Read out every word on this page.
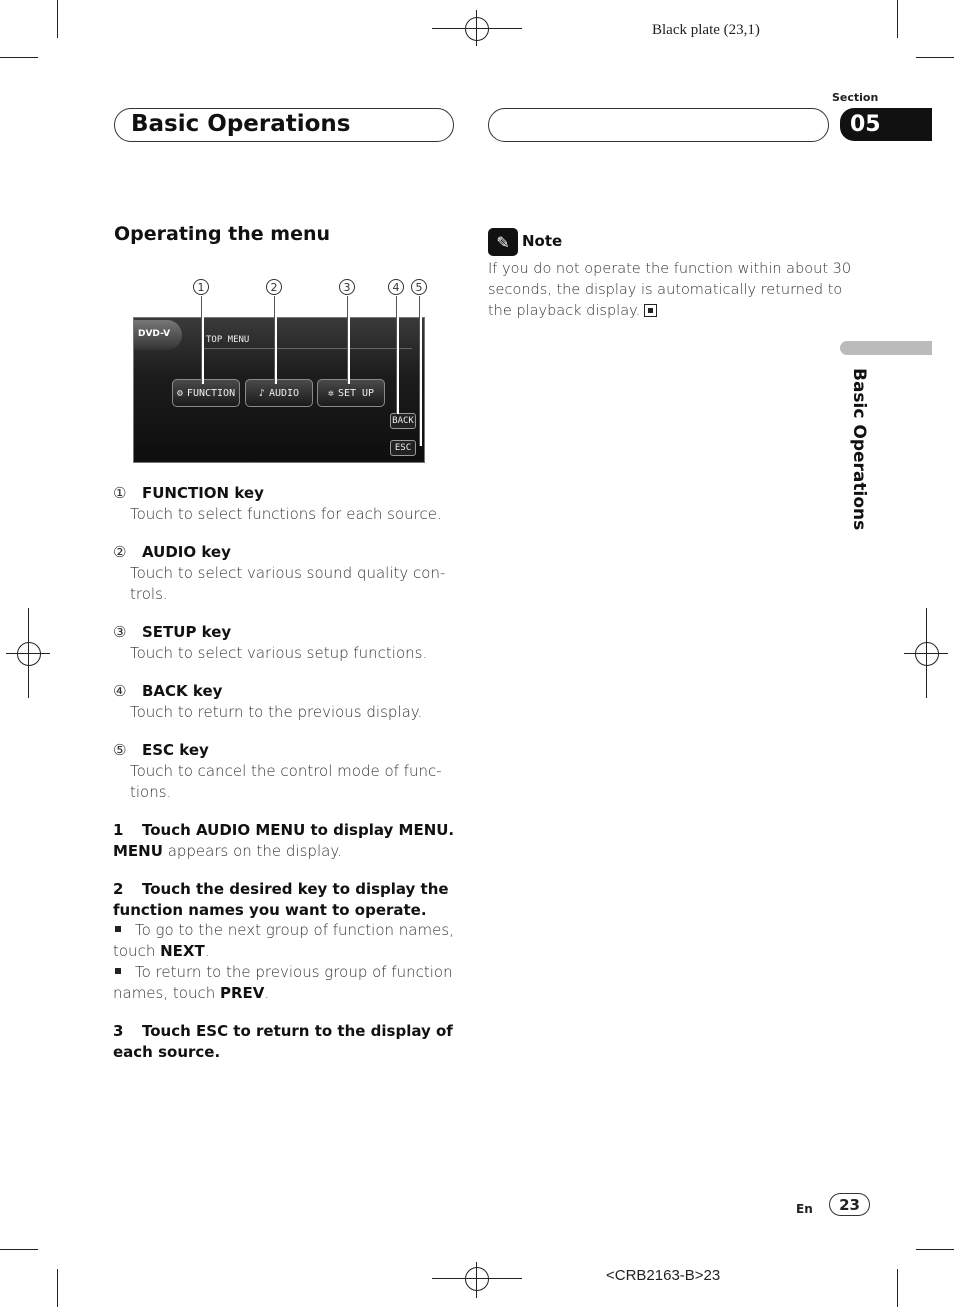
Black plate (23,1)
Basic Operations
Section
05
Operating the menu
1	2	3	4	5
DVD-V
TOP MENU
⚙ FUNCTION ♪ AUDIO	✲ SET UP
BACK
ESC
① FUNCTION key
Touch to select functions for each source.
② AUDIO key
Touch to select various sound quality con-
trols.
③ SETUP key
Touch to select various setup functions.
④ BACK key
Touch to return to the previous display.
⑤ ESC key
Touch to cancel the control mode of func-
tions.
1 Touch AUDIO MENU to display MENU.
MENU appears on the display.
2 Touch the desired key to display the
function names you want to operate.
To go to the next group of function names,
touch NEXT.
To return to the previous group of function
names, touch PREV.
3 Touch ESC to return to the display of
each source.
✎ Note
If you do not operate the function within about 30
seconds, the display is automatically returned to
the playback display.
Basic Operations
En	23
<CRB2163-B>23
